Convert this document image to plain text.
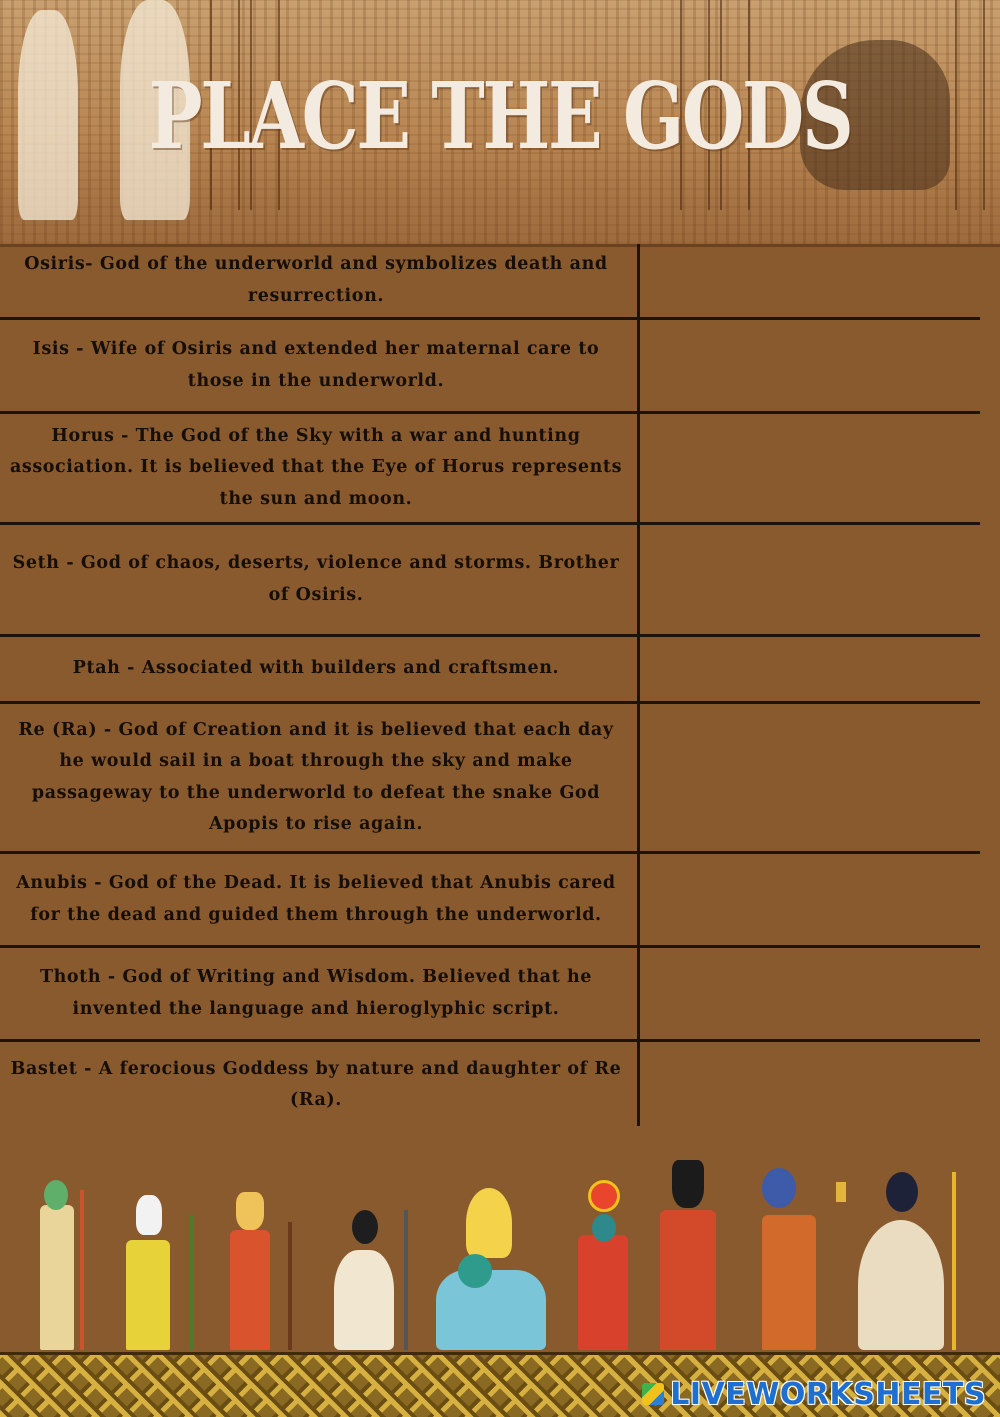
PLACE THE GODS
Osiris- God of the underworld and symbolizes death and resurrection.
Isis - Wife of Osiris and extended her maternal care to those in the underworld.
Horus - The God of the Sky with a war and hunting association. It is believed that the Eye of Horus represents the sun and moon.
Seth - God of chaos, deserts, violence and storms. Brother of Osiris.
Ptah - Associated with builders and craftsmen.
Re (Ra) - God of Creation and it is believed that each day he would sail in a boat through the sky and make passageway to the underworld to defeat the snake God Apopis to rise again.
Anubis - God of the Dead. It is believed that Anubis cared for the dead and guided them through the underworld.
Thoth - God of Writing and Wisdom. Believed that he invented the language and hieroglyphic script.
Bastet - A ferocious Goddess by nature and daughter of Re (Ra).
LIVEWORKSHEETS
